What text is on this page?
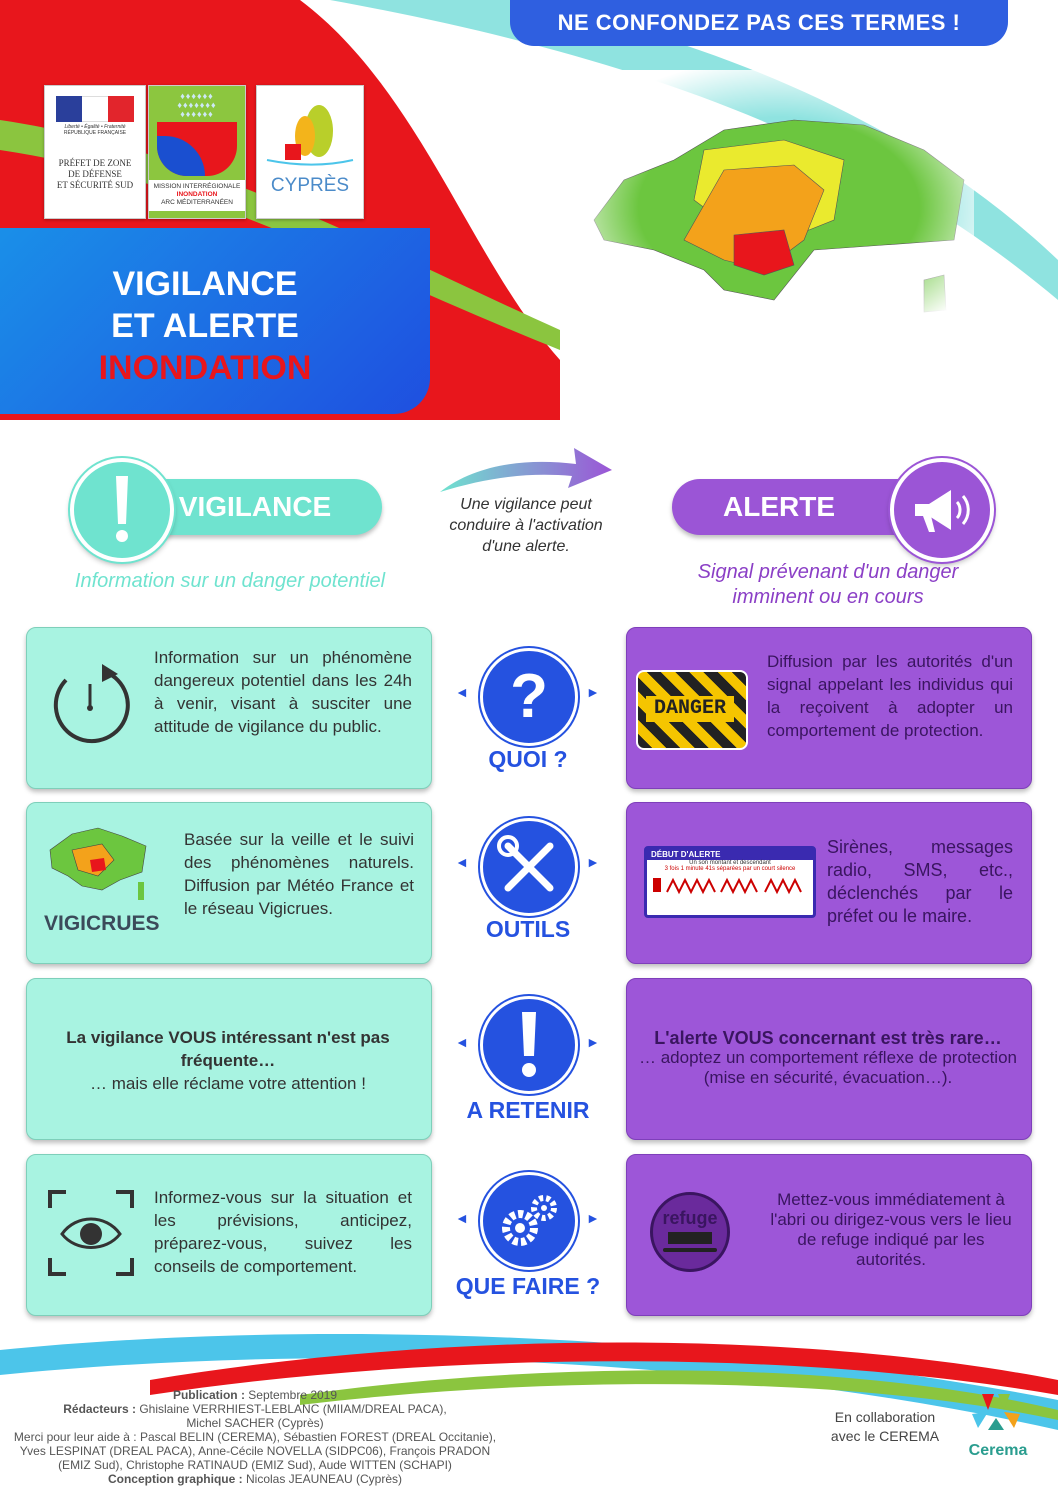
NE CONFONDEZ PAS CES TERMES !
Liberté • Égalité • Fraternité
RÉPUBLIQUE FRANÇAISE
PRÉFET DE ZONE
DE DÉFENSE
ET SÉCURITÉ SUD
♦♦♦♦♦♦
♦♦♦♦♦♦♦
♦♦♦♦♦♦
MISSION INTERRÉGIONALE
INONDATION
ARC MÉDITERRANÉEN
CYPRÈS
VIGILANCE
ET ALERTE
INONDATION
VIGILANCE
Information sur un danger potentiel
Une vigilance peut
conduire à l'activation
d'une alerte.
ALERTE
Signal prévenant d'un danger
imminent ou en cours
Information sur un phénomène dangereux potentiel dans les 24h à venir, visant à susciter une attitude de vigilance du public.	?
◄	►
QUOI ?
DANGER
Diffusion par les autorités d'un signal appelant les individus qui la reçoivent à adopter un comportement de protection.
VIGICRUES
Basée sur la veille et le suivi des phénomènes naturels. Diffusion par Météo France et le réseau Vigicrues.
◄	►
OUTILS
DÉBUT D'ALERTE
Un son montant et descendant
3 fois 1 minute 41s séparées par un court silence
Sirènes, messages radio, SMS, etc., déclenchés par le préfet ou le maire.
La vigilance VOUS intéressant n'est pas fréquente…
… mais elle réclame votre attention !
◄	►
A RETENIR
L'alerte VOUS concernant est très rare…
… adoptez un comportement réflexe de protection (mise en sécurité, évacuation…).
Informez-vous sur la situation et les prévisions, anticipez, préparez-vous, suivez les conseils de comportement.
◄	►
QUE FAIRE ?
refuge
Mettez-vous immédiatement à l'abri ou dirigez-vous vers le lieu de refuge indiqué par les autorités.
Publication : Septembre 2019
Rédacteurs : Ghislaine VERRHIEST-LEBLANC (MIIAM/DREAL PACA),
Michel SACHER (Cyprès)
Merci pour leur aide à : Pascal BELIN (CEREMA), Sébastien FOREST (DREAL Occitanie),
Yves LESPINAT (DREAL PACA), Anne-Cécile NOVELLA (SIDPC06), François PRADON
(EMIZ Sud), Christophe RATINAUD (EMIZ Sud), Aude WITTEN (SCHAPI)
Conception graphique : Nicolas JEAUNEAU (Cyprès)
En collaboration
avec le CEREMA
Cerema
